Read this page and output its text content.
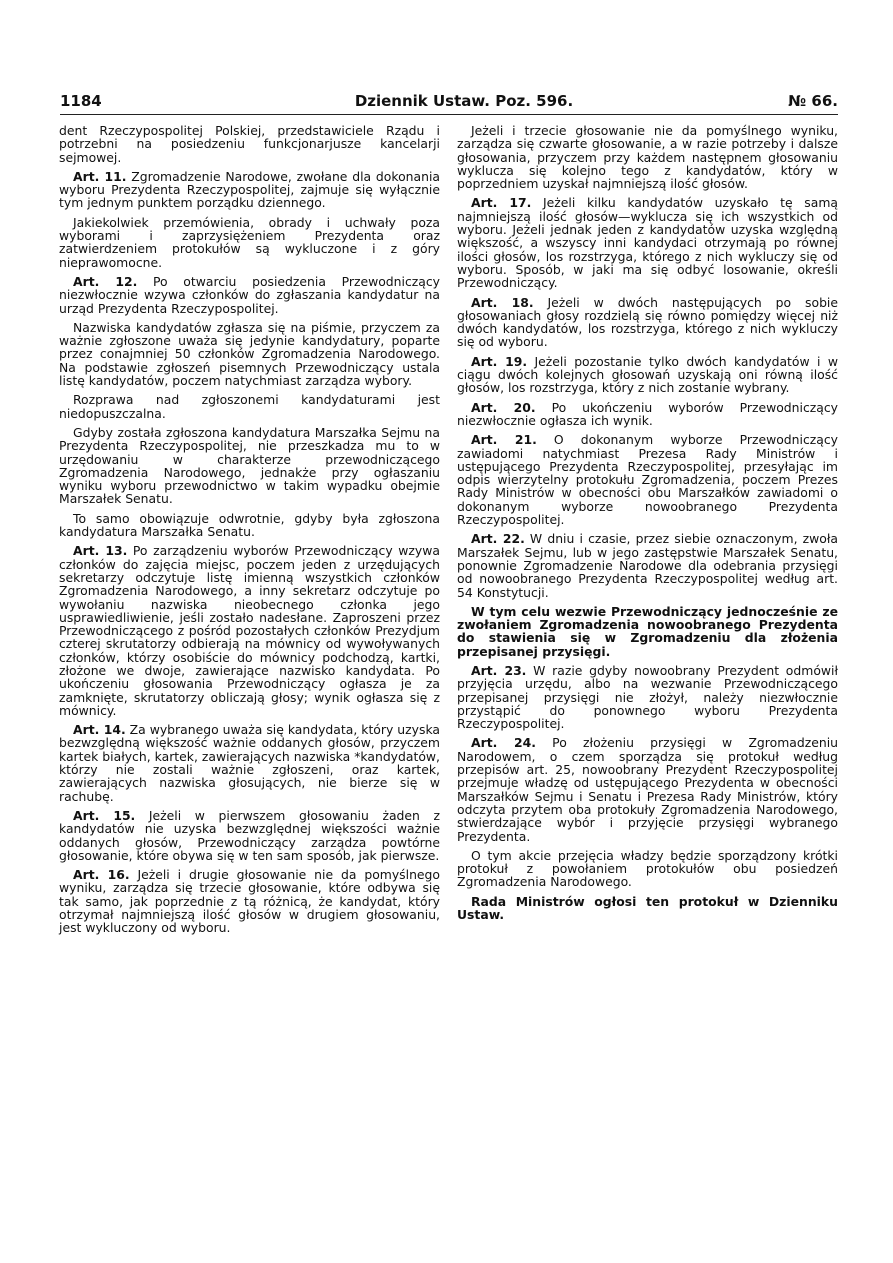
1184	Dziennik Ustaw. Poz. 596.	№ 66.

dent Rzeczypospolitej Polskiej, przedstawiciele Rządu i potrzebni na posiedzeniu funkcjonarjusze kancelarji sejmowej.

Art. 11. Zgromadzenie Narodowe, zwołane dla dokonania wyboru Prezydenta Rzeczypospolitej, zajmuje się wyłącznie tym jednym punktem porządku dziennego.

Jakiekolwiek przemówienia, obrady i uchwały poza wyborami i zaprzysiężeniem Prezydenta oraz zatwierdzeniem protokułów są wykluczone i z góry nieprawomocne.

Art. 12. Po otwarciu posiedzenia Przewodniczący niezwłocznie wzywa członków do zgłaszania kandydatur na urząd Prezydenta Rzeczypospolitej.

Nazwiska kandydatów zgłasza się na piśmie, przyczem za ważnie zgłoszone uważa się jedynie kandydatury, poparte przez conajmniej 50 członków Zgromadzenia Narodowego. Na podstawie zgłoszeń pisemnych Przewodniczący ustala listę kandydatów, poczem natychmiast zarządza wybory.

Rozprawa nad zgłoszonemi kandydaturami jest niedopuszczalna.

Gdyby została zgłoszona kandydatura Marszałka Sejmu na Prezydenta Rzeczypospolitej, nie przeszkadza mu to w urzędowaniu w charakterze przewodniczącego Zgromadzenia Narodowego, jednakże przy ogłaszaniu wyniku wyboru przewodnictwo w takim wypadku obejmie Marszałek Senatu.

To samo obowiązuje odwrotnie, gdyby była zgłoszona kandydatura Marszałka Senatu.

Art. 13. Po zarządzeniu wyborów Przewodniczący wzywa członków do zajęcia miejsc, poczem jeden z urzędujących sekretarzy odczytuje listę imienną wszystkich członków Zgromadzenia Narodowego, a inny sekretarz odczytuje po wywołaniu nazwiska nieobecnego członka jego usprawiedliwienie, jeśli zostało nadesłane. Zaproszeni przez Przewodniczącego z pośród pozostałych członków Prezydjum czterej skrutatorzy odbierają na mównicy od wywoływanych członków, którzy osobiście do mównicy podchodzą, kartki, złożone we dwoje, zawierające nazwisko kandydata. Po ukończeniu głosowania Przewodniczący ogłasza je za zamknięte, skrutatorzy obliczają głosy; wynik ogłasza się z mównicy.

Art. 14. Za wybranego uważa się kandydata, który uzyska bezwzględną większość ważnie oddanych głosów, przyczem kartek białych, kartek, zawierających nazwiska *kandydatów, którzy nie zostali ważnie zgłoszeni, oraz kartek, zawierających nazwiska głosujących, nie bierze się w rachubę.

Art. 15. Jeżeli w pierwszem głosowaniu żaden z kandydatów nie uzyska bezwzględnej większości ważnie oddanych głosów, Przewodniczący zarządza powtórne głosowanie, które obywa się w ten sam sposób, jak pierwsze.

Art. 16. Jeżeli i drugie głosowanie nie da pomyślnego wyniku, zarządza się trzecie głosowanie, które odbywa się tak samo, jak poprzednie z tą różnicą, że kandydat, który otrzymał najmniejszą ilość głosów w drugiem głosowaniu, jest wykluczony od wyboru.

Jeżeli i trzecie głosowanie nie da pomyślnego wyniku, zarządza się czwarte głosowanie, a w razie potrzeby i dalsze głosowania, przyczem przy każdem następnem głosowaniu wyklucza się kolejno tego z kandydatów, który w poprzedniem uzyskał najmniejszą ilość głosów.

Art. 17. Jeżeli kilku kandydatów uzyskało tę samą najmniejszą ilość głosów—wyklucza się ich wszystkich od wyboru. Jeżeli jednak jeden z kandydatów uzyska względną większość, a wszyscy inni kandydaci otrzymają po równej ilości głosów, los rozstrzyga, którego z nich wykluczy się od wyboru. Sposób, w jaki ma się odbyć losowanie, określi Przewodniczący.

Art. 18. Jeżeli w dwóch następujących po sobie głosowaniach głosy rozdzielą się równo pomiędzy więcej niż dwóch kandydatów, los rozstrzyga, którego z nich wykluczy się od wyboru.

Art. 19. Jeżeli pozostanie tylko dwóch kandydatów i w ciągu dwóch kolejnych głosowań uzyskają oni równą ilość głosów, los rozstrzyga, który z nich zostanie wybrany.

Art. 20. Po ukończeniu wyborów Przewodniczący niezwłocznie ogłasza ich wynik.

Art. 21. O dokonanym wyborze Przewodniczący zawiadomi natychmiast Prezesa Rady Ministrów i ustępującego Prezydenta Rzeczypospolitej, przesyłając im odpis wierzytelny protokułu Zgromadzenia, poczem Prezes Rady Ministrów w obecności obu Marszałków zawiadomi o dokonanym wyborze nowoobranego Prezydenta Rzeczypospolitej.

Art. 22. W dniu i czasie, przez siebie oznaczonym, zwoła Marszałek Sejmu, lub w jego zastępstwie Marszałek Senatu, ponownie Zgromadzenie Narodowe dla odebrania przysięgi od nowoobranego Prezydenta Rzeczypospolitej według art. 54 Konstytucji.

W tym celu wezwie Przewodniczący jednocześnie ze zwołaniem Zgromadzenia nowoobranego Prezydenta do stawienia się w Zgromadzeniu dla złożenia przepisanej przysięgi.

Art. 23. W razie gdyby nowoobrany Prezydent odmówił przyjęcia urzędu, albo na wezwanie Przewodniczącego przepisanej przysięgi nie złożył, należy niezwłocznie przystąpić do ponownego wyboru Prezydenta Rzeczypospolitej.

Art. 24. Po złożeniu przysięgi w Zgromadzeniu Narodowem, o czem sporządza się protokuł według przepisów art. 25, nowoobrany Prezydent Rzeczypospolitej przejmuje władzę od ustępującego Prezydenta w obecności Marszałków Sejmu i Senatu i Prezesa Rady Ministrów, który odczyta przytem oba protokuły Zgromadzenia Narodowego, stwierdzające wybór i przyjęcie przysięgi wybranego Prezydenta.

O tym akcie przejęcia władzy będzie sporządzony krótki protokuł z powołaniem protokułów obu posiedzeń Zgromadzenia Narodowego.

Rada Ministrów ogłosi ten protokuł w Dzienniku Ustaw.
